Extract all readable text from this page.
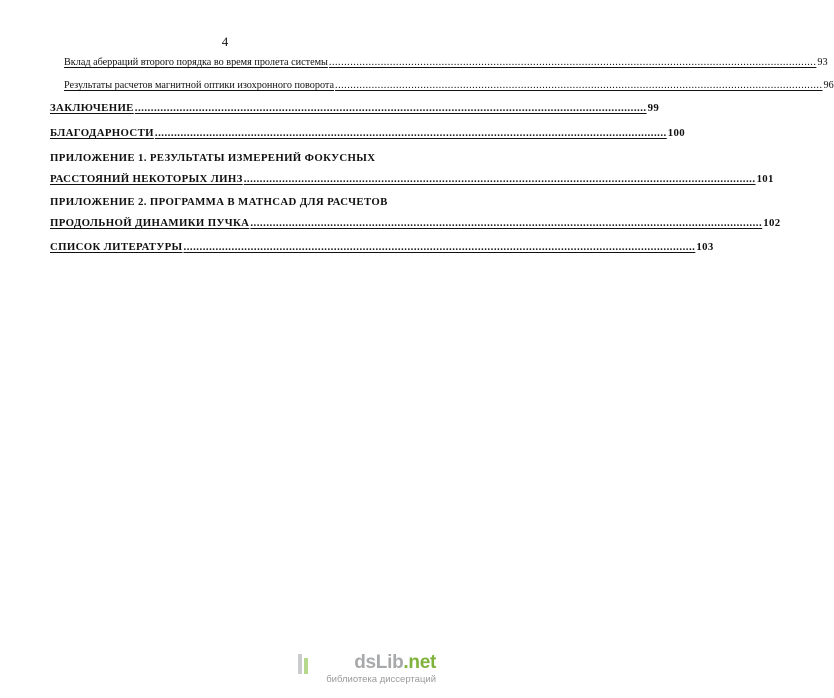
4
Вклад аберраций второго порядка во время пролета системы ................................................................................................................................................................ 93
Результаты расчетов магнитной оптики изохронного поворота ................................................................................................................................................................ 96
ЗАКЛЮЧЕНИЕ ................................................................................................................................................................ 99
БЛАГОДАРНОСТИ ................................................................................................................................................................ 100
ПРИЛОЖЕНИЕ 1. РЕЗУЛЬТАТЫ ИЗМЕРЕНИЙ ФОКУСНЫХ
РАССТОЯНИЙ НЕКОТОРЫХ ЛИНЗ ................................................................................................................................................................ 101
ПРИЛОЖЕНИЕ 2. ПРОГРАММА В MATHCAD ДЛЯ РАСЧЕТОВ
ПРОДОЛЬНОЙ ДИНАМИКИ ПУЧКА ................................................................................................................................................................ 102
СПИСОК ЛИТЕРАТУРЫ ................................................................................................................................................................ 103
dsLib.net
библиотека диссертаций
